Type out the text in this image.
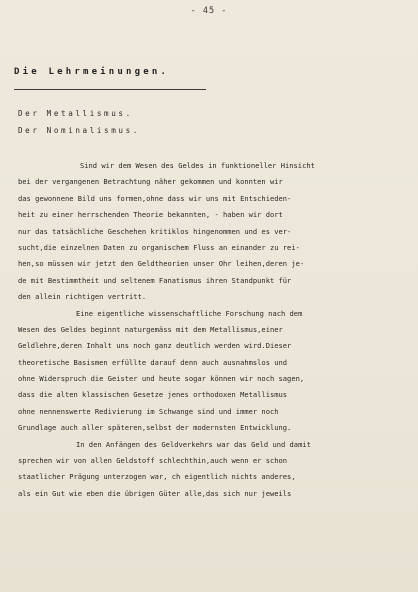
- 45 -
Die Lehrmeinungen.
Der Metallismus.
Der Nominalismus.
Sind wir dem Wesen des Geldes in funktioneller Hinsicht
bei der vergangenen Betrachtung näher gekommen und konnten wir
das gewonnene Bild uns formen,ohne dass wir uns mit Entschieden-
heit zu einer herrschenden Theorie bekannten, - haben wir dort
nur das tatsächliche Geschehen kritiklos hingenommen und es ver-
sucht,die einzelnen Daten zu organischem Fluss an einander zu rei-
hen,so müssen wir jetzt den Geldtheorien unser Ohr leihen,deren je-
de mit Bestimmtheit und seltenem Fanatismus ihren Standpunkt für
den allein richtigen vertritt.
Eine eigentliche wissenschaftliche Forschung nach dem
Wesen des Geldes beginnt naturgemäss mit dem Metallismus,einer
Geldlehre,deren Inhalt uns noch ganz deutlich werden wird.Dieser
theoretische Basismen erfüllte darauf denn auch ausnahmslos und
ohne Widerspruch die Geister und heute sogar können wir noch sagen,
dass die alten klassischen Gesetze jenes orthodoxen Metallismus
ohne nennenswerte Redivierung im Schwange sind und immer noch
Grundlage auch aller späteren,selbst der modernsten Entwicklung.
In den Anfängen des Geldverkehrs war das Geld und damit
sprechen wir von allen Geldstoff schlechthin,auch wenn er schon
staatlicher Prägung unterzogen war, ch eigentlich nichts anderes,
als ein Gut wie eben die übrigen Güter alle,das sich nur jeweils
